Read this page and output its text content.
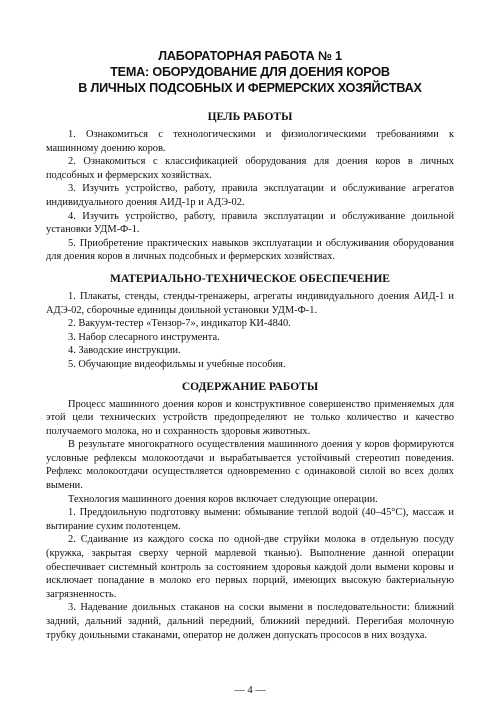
ЛАБОРАТОРНАЯ РАБОТА № 1
ТЕМА: ОБОРУДОВАНИЕ ДЛЯ ДОЕНИЯ КОРОВ
В ЛИЧНЫХ ПОДСОБНЫХ И ФЕРМЕРСКИХ ХОЗЯЙСТВАХ
ЦЕЛЬ РАБОТЫ

1. Ознакомиться с технологическими и физиологическими требованиями к машинному доению коров.

2. Ознакомиться с классификацией оборудования для доения коров в личных подсобных и фермерских хозяйствах.

3. Изучить устройство, работу, правила эксплуатации и обслуживание агрегатов индивидуального доения АИД-1р и АДЭ-02.

4. Изучить устройство, работу, правила эксплуатации и обслуживание доильной установки УДМ-Ф-1.

5. Приобретение практических навыков эксплуатации и обслуживания оборудования для доения коров в личных подсобных и фермерских хозяйствах.

МАТЕРИАЛЬНО-ТЕХНИЧЕСКОЕ ОБЕСПЕЧЕНИЕ

1. Плакаты, стенды, стенды-тренажеры, агрегаты индивидуального доения АИД-1 и АДЭ-02, сборочные единицы доильной установки УДМ-Ф-1.

2. Вакуум-тестер «Тензор-7», индикатор КИ-4840.

3. Набор слесарного инструмента.

4. Заводские инструкции.

5. Обучающие видеофильмы и учебные пособия.

СОДЕРЖАНИЕ РАБОТЫ

Процесс машинного доения коров и конструктивное совершенство применяемых для этой цели технических устройств предопределяют не только количество и качество получаемого молока, но и сохранность здоровья животных.

В результате многократного осуществления машинного доения у коров формируются условные рефлексы молокоотдачи и вырабатывается устойчивый стереотип поведения. Рефлекс молокоотдачи осуществляется одновременно с одинаковой силой во всех долях вымени.

Технология машинного доения коров включает следующие операции.

1. Преддоильную подготовку вымени: обмывание теплой водой (40–45°C), массаж и вытирание сухим полотенцем.

2. Сдаивание из каждого соска по одной-две струйки молока в отдельную посуду (кружка, закрытая сверху черной марлевой тканью). Выполнение данной операции обеспечивает системный контроль за состоянием здоровья каждой доли вымени коровы и исключает попадание в молоко его первых порций, имеющих высокую бактериальную загрязненность.

3. Надевание доильных стаканов на соски вымени в последовательности: ближний задний, дальний задний, дальний передний, ближний передний. Перегибая молочную трубку доильными стаканами, оператор не должен допускать прососов в них воздуха.

— 4 —
